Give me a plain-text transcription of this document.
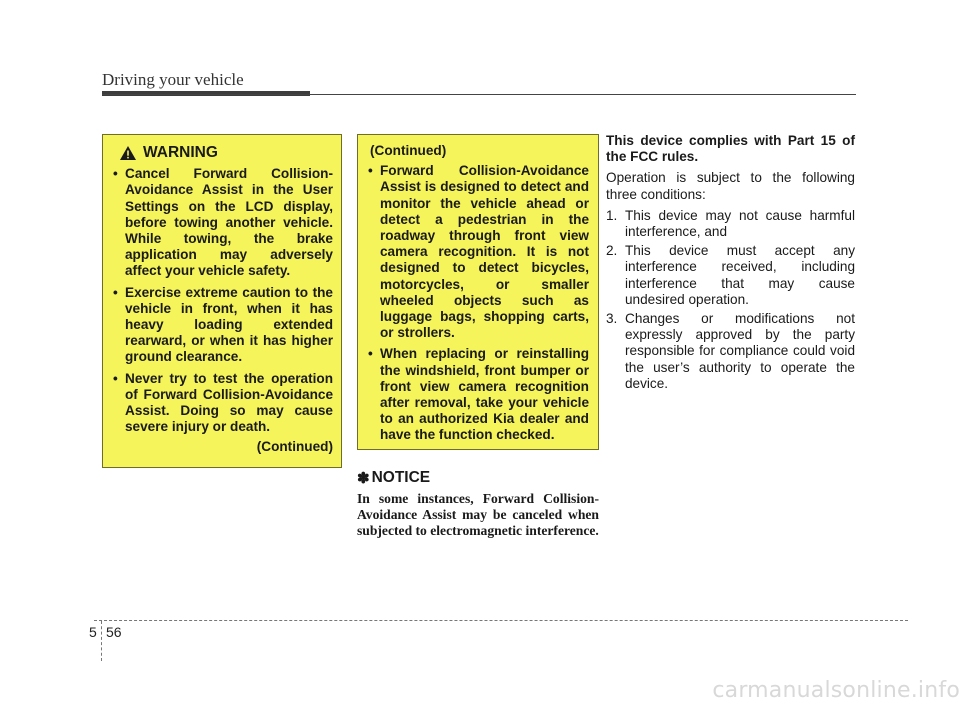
Driving your vehicle
WARNING
• Cancel Forward Collision-Avoidance Assist in the User Settings on the LCD display, before towing another vehicle. While towing, the brake application may adversely affect your vehicle safety.
• Exercise extreme caution to the vehicle in front, when it has heavy loading extended rearward, or when it has higher ground clearance.
• Never try to test the operation of Forward Collision-Avoidance Assist. Doing so may cause severe injury or death.
(Continued)
(Continued)
• Forward Collision-Avoidance Assist is designed to detect and monitor the vehicle ahead or detect a pedestrian in the roadway through front view camera recognition. It is not designed to detect bicycles, motorcycles, or smaller wheeled objects such as luggage bags, shopping carts, or strollers.
• When replacing or reinstalling the windshield, front bumper or front view camera recognition after removal, take your vehicle to an authorized Kia dealer and have the function checked.
✽ NOTICE
In some instances, Forward Collision-Avoidance Assist may be canceled when subjected to electromagnetic interference.

This device complies with Part 15 of the FCC rules.

Operation is subject to the following three conditions:

1. This device may not cause harmful interference, and
2. This device must accept any interference received, including interference that may cause undesired operation.
3. Changes or modifications not expressly approved by the party responsible for compliance could void the user’s authority to operate the device.
5 56
carmanualsonline.info
